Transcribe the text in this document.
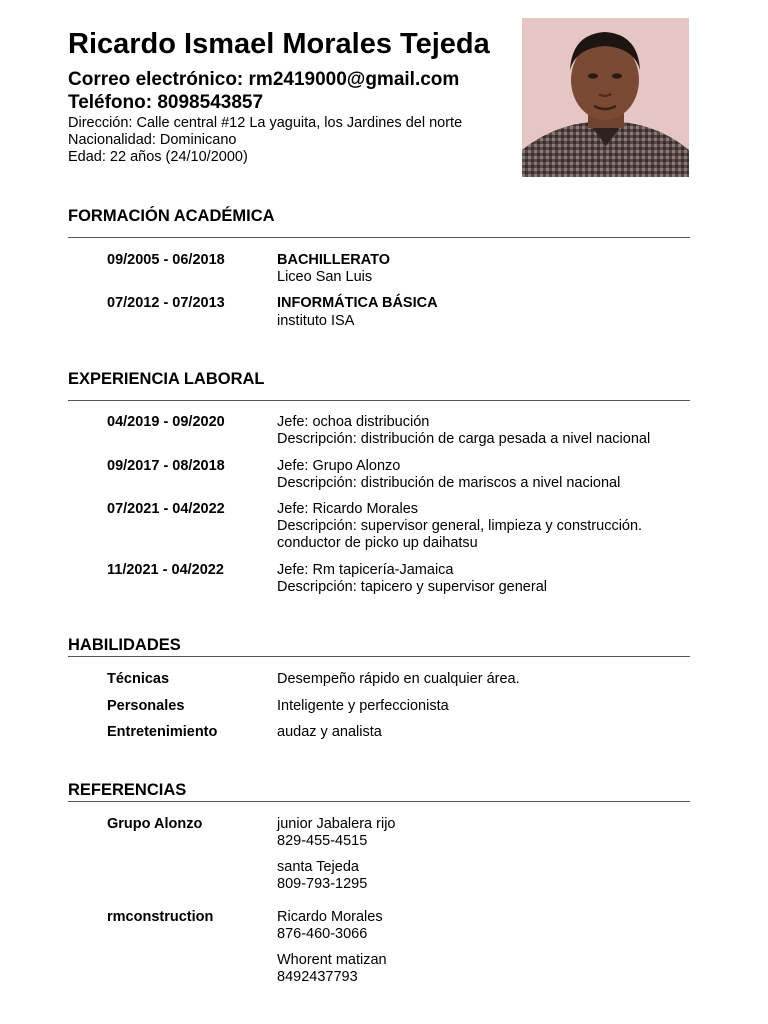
Ricardo Ismael Morales Tejeda
Correo electrónico: rm2419000@gmail.com
Teléfono: 8098543857
Dirección: Calle central #12 La yaguita, los Jardines del norte
Nacionalidad: Dominicano
Edad: 22 años (24/10/2000)
FORMACIÓN ACADÉMICA
09/2005 - 06/2018	BACHILLERATO
Liceo San Luis
07/2012 - 07/2013	INFORMÁTICA BÁSICA
instituto ISA
EXPERIENCIA LABORAL
04/2019 - 09/2020	Jefe: ochoa distribución
Descripción: distribución de carga pesada a nivel nacional
09/2017 - 08/2018	Jefe: Grupo Alonzo
Descripción: distribución de mariscos a nivel nacional
07/2021 - 04/2022	Jefe: Ricardo Morales
Descripción: supervisor general, limpieza y construcción.
conductor de picko up daihatsu
11/2021 - 04/2022	Jefe: Rm tapicería-Jamaica
Descripción: tapicero y supervisor general
HABILIDADES
Técnicas	Desempeño rápido en cualquier área.
Personales	Inteligente y perfeccionista
Entretenimiento	audaz y analista
REFERENCIAS
Grupo Alonzo	junior Jabalera rijo
829-455-4515
santa Tejeda
809-793-1295
rmconstruction	Ricardo Morales
876-460-3066
Whorent matizan
8492437793
